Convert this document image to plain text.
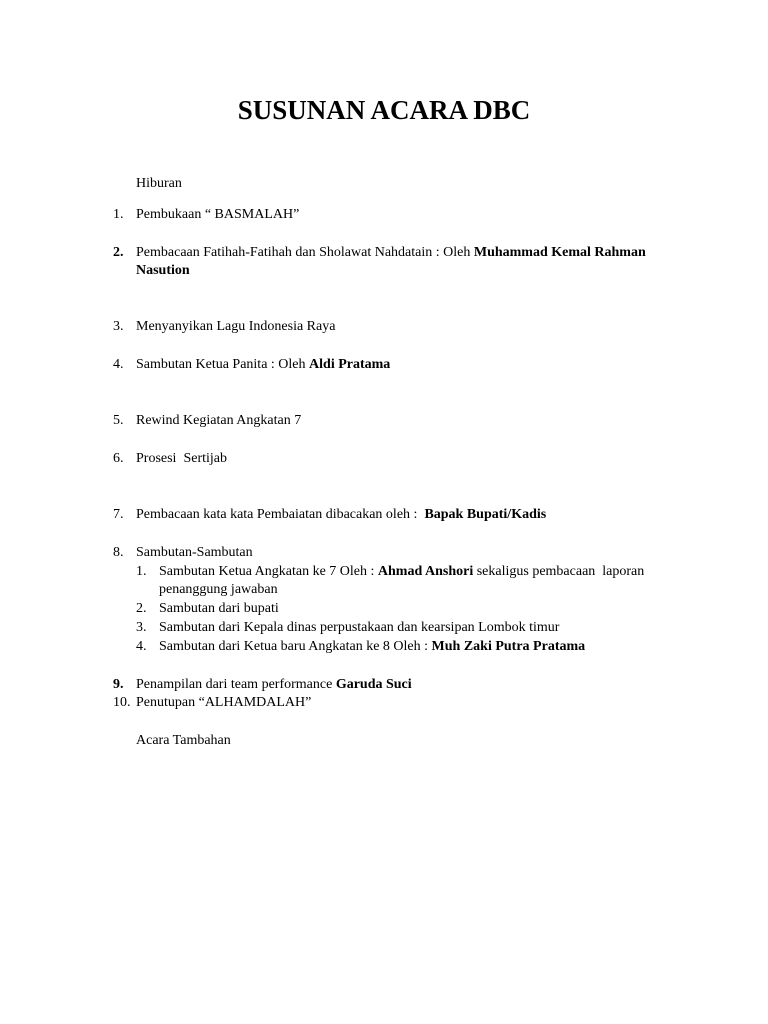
SUSUNAN ACARA DBC
Hiburan
1. Pembukaan “ BASMALAH”
2. Pembacaan Fatihah-Fatihah dan Sholawat Nahdatain : Oleh Muhammad Kemal Rahman
Nasution
3. Menyanyikan Lagu Indonesia Raya
4. Sambutan Ketua Panita : Oleh Aldi Pratama
5. Rewind Kegiatan Angkatan 7
6. Prosesi  Sertijab
7. Pembacaan kata kata Pembaiatan dibacakan oleh :  Bapak Bupati/Kadis
8. Sambutan-Sambutan
1. Sambutan Ketua Angkatan ke 7 Oleh : Ahmad Anshori sekaligus pembacaan  laporan
penanggung jawaban
2. Sambutan dari bupati
3. Sambutan dari Kepala dinas perpustakaan dan kearsipan Lombok timur
4. Sambutan dari Ketua baru Angkatan ke 8 Oleh : Muh Zaki Putra Pratama
9. Penampilan dari team performance Garuda Suci
10. Penutupan “ALHAMDALAH”
Acara Tambahan
